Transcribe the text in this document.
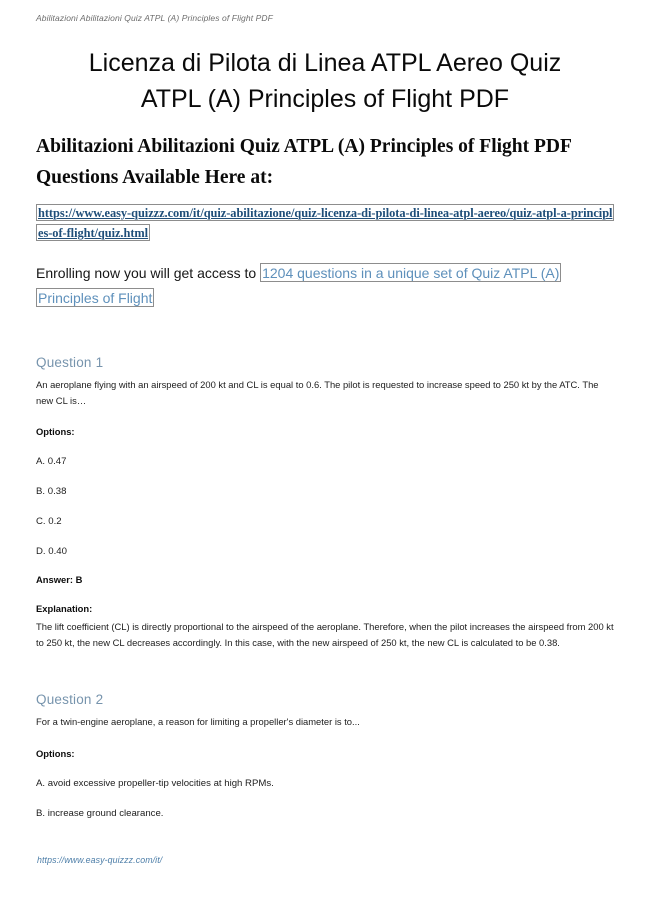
Abilitazioni Abilitazioni Quiz ATPL (A) Principles of Flight PDF
Licenza di Pilota di Linea ATPL Aereo Quiz
ATPL (A) Principles of Flight PDF
Abilitazioni Abilitazioni Quiz ATPL (A) Principles of Flight PDF Questions Available Here at:
https://www.easy-quizzz.com/it/quiz-abilitazione/quiz-licenza-di-pilota-di-linea-atpl-aereo/quiz-atpl-a-principles-of-flight/quiz.html
Enrolling now you will get access to 1204 questions in a unique set of Quiz ATPL (A) Principles of Flight
Question 1

An aeroplane flying with an airspeed of 200 kt and CL is equal to 0.6. The pilot is requested to increase speed to 250 kt by the ATC. The new CL is…

Options:

A. 0.47

B. 0.38

C. 0.2

D. 0.40

Answer: B

Explanation:

The lift coefficient (CL) is directly proportional to the airspeed of the aeroplane. Therefore, when the pilot increases the airspeed from 200 kt to 250 kt, the new CL decreases accordingly. In this case, with the new airspeed of 250 kt, the new CL is calculated to be 0.38.

Question 2

For a twin-engine aeroplane, a reason for limiting a propeller's diameter is to...

Options:

A. avoid excessive propeller-tip velocities at high RPMs.

B. increase ground clearance.

https://www.easy-quizzz.com/it/
